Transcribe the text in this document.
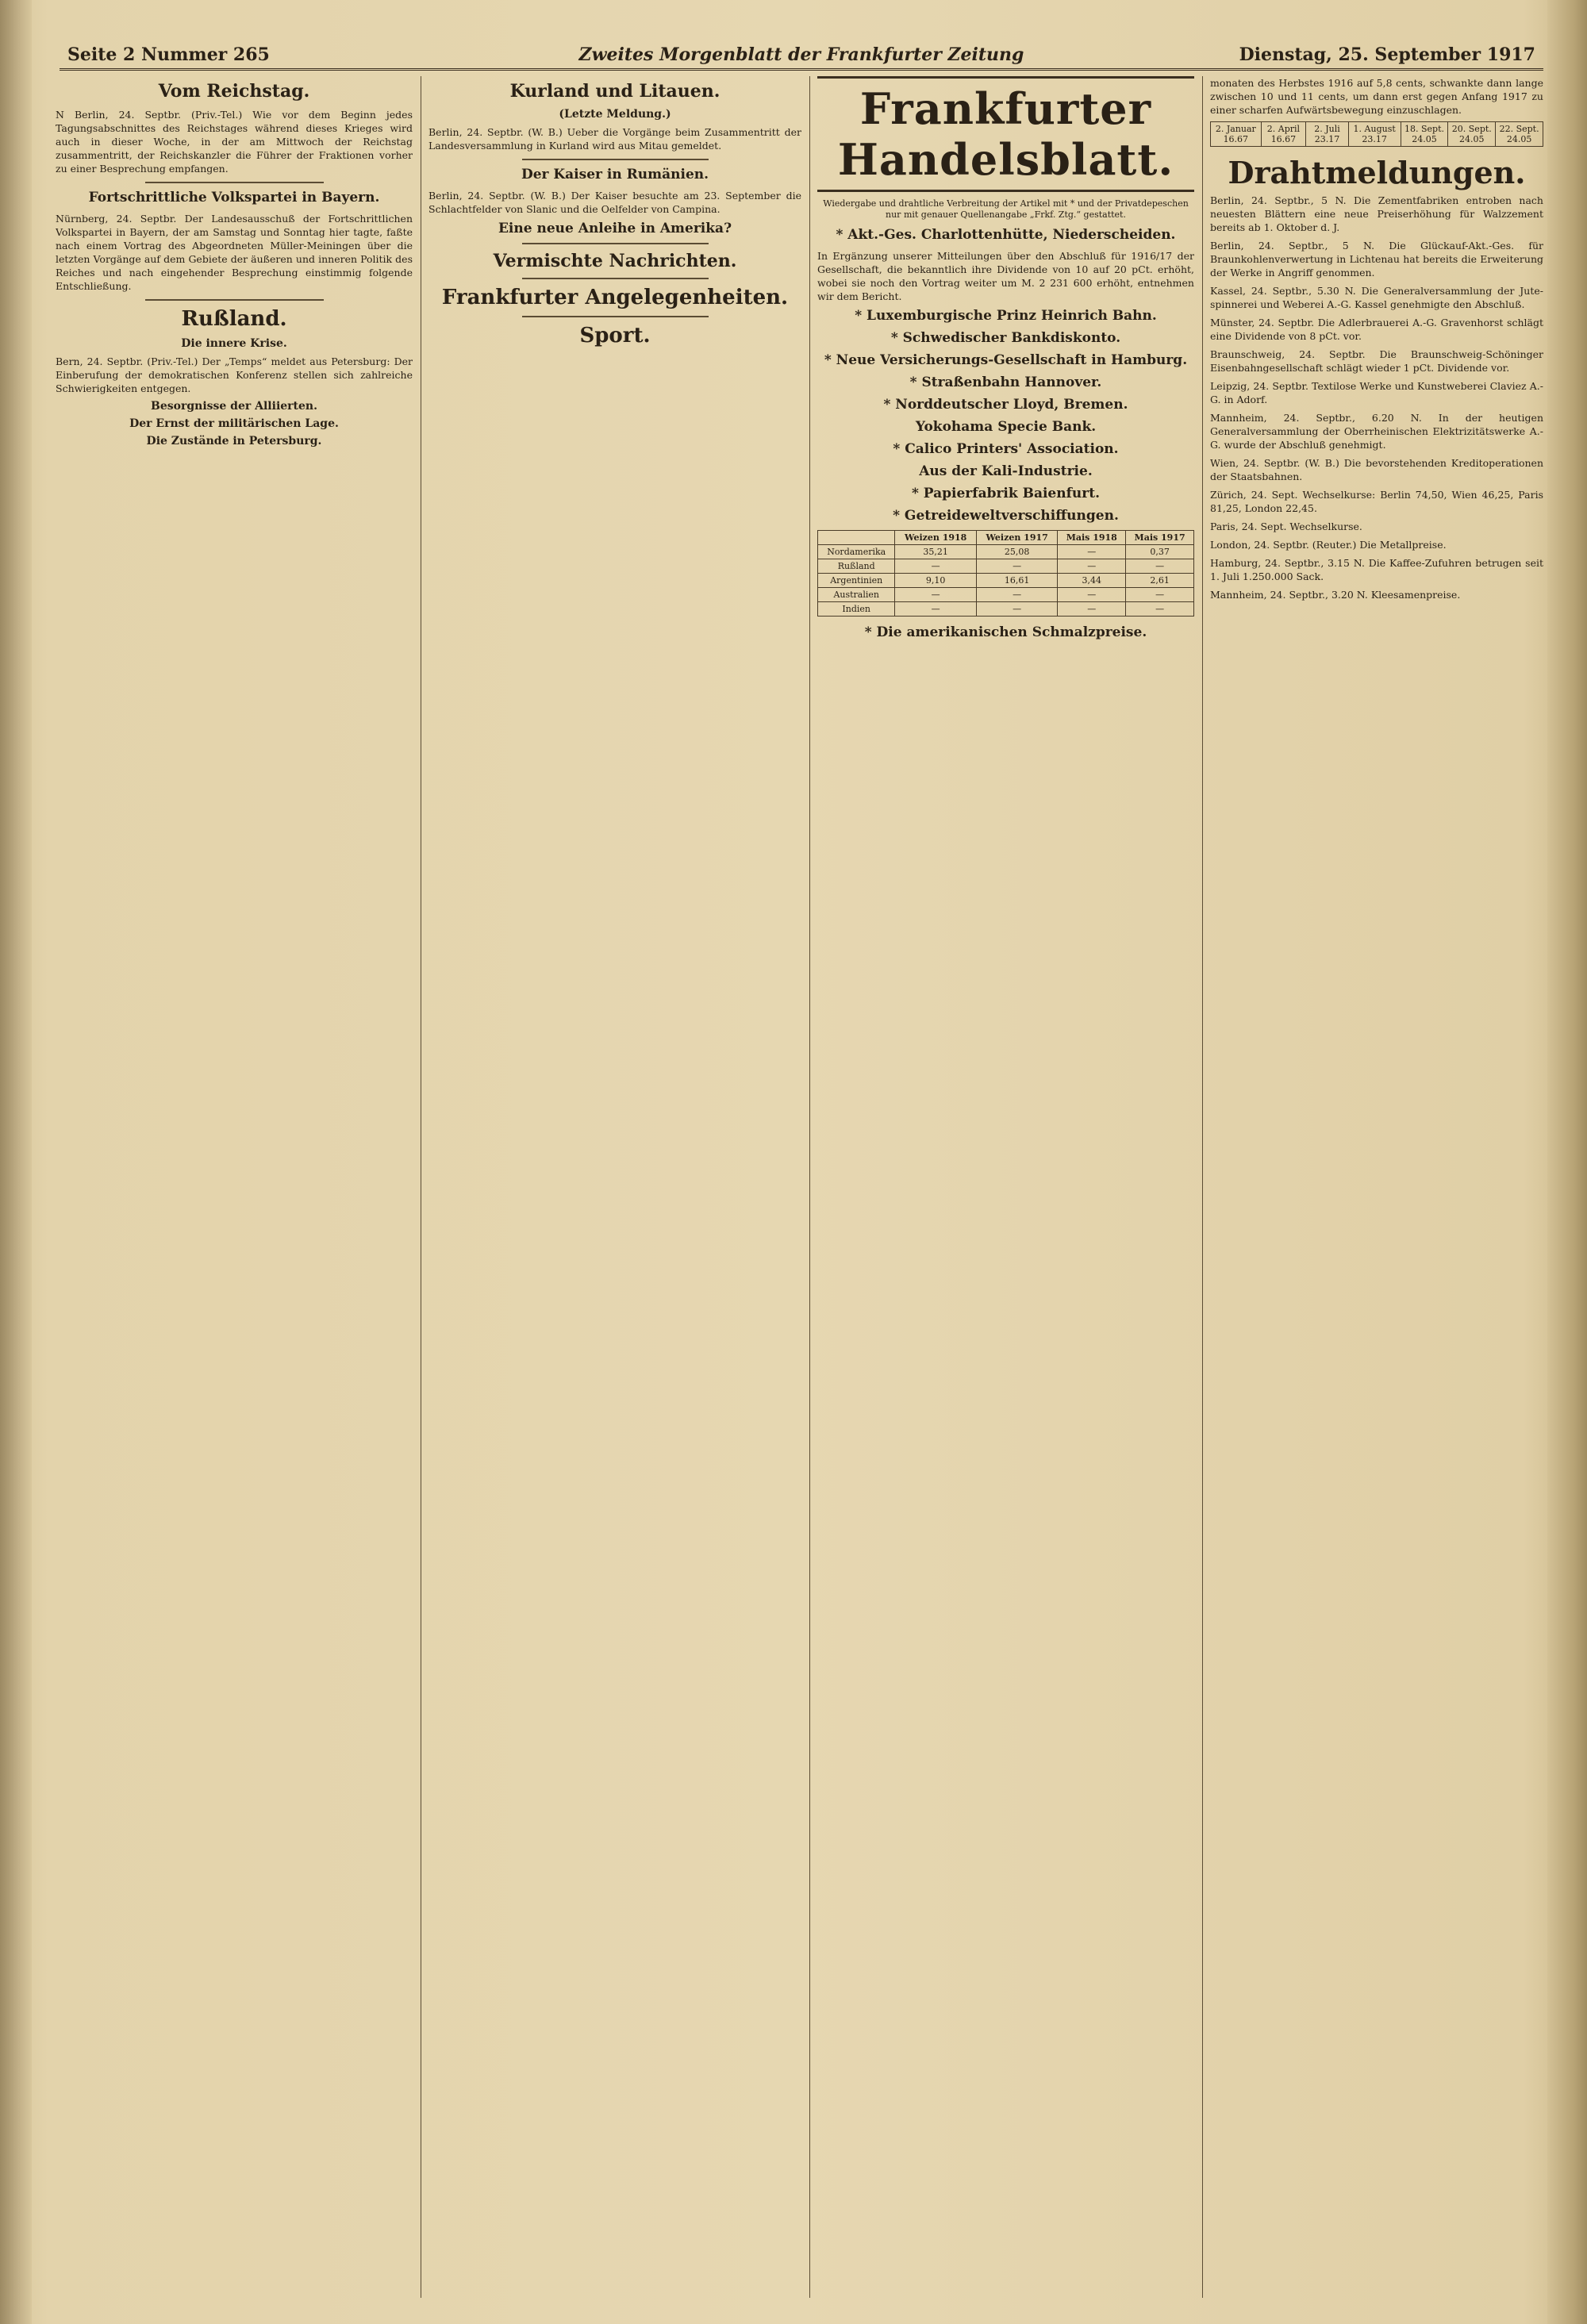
Seite 2 Nummer 265	Zweites Morgenblatt der Frankfurter Zeitung	Dienstag, 25. September 1917
Vom Reichstag.

N Berlin, 24. Septbr. (Priv.-Tel.) Wie vor dem Beginn jedes Tagungsabschnittes des Reichstages während dieses Krieges wird auch in dieser Woche, in der am Mittwoch der Reichstag zusammentritt, der Reichskanzler die Führer der Fraktionen vorher zu einer Besprechung empfangen.

Fortschrittliche Volkspartei in Bayern.

Nürnberg, 24. Septbr. Der Landesausschuß der Fortschrittlichen Volkspartei in Bayern, der am Samstag und Sonntag hier tagte, faßte nach einem Vortrag des Abgeordneten Müller-Meiningen über die letzten Vorgänge auf dem Gebiete der äußeren und inneren Politik des Reiches und nach eingehender Besprechung einstimmig folgende Entschließung.

Rußland.
Die innere Krise.

Bern, 24. Septbr. (Priv.-Tel.) Der „Temps“ meldet aus Petersburg: Der Einberufung der demokratischen Konferenz stellen sich zahlreiche Schwierigkeiten entgegen.

Besorgnisse der Alliierten.
Der Ernst der militärischen Lage.
Die Zustände in Petersburg.
Kurland und Litauen.
(Letzte Meldung.)

Berlin, 24. Septbr. (W. B.) Ueber die Vorgänge beim Zusammentritt der Landesversammlung in Kurland wird aus Mitau gemeldet.

Der Kaiser in Rumänien.

Berlin, 24. Septbr. (W. B.) Der Kaiser besuchte am 23. September die Schlachtfelder von Slanic und die Oelfelder von Campina.

Eine neue Anleihe in Amerika?
Vermischte Nachrichten.
Frankfurter Angelegenheiten.
Sport.
Frankfurter Handelsblatt.
Wiedergabe und drahtliche Verbreitung der Artikel mit * und der Privatdepeschen nur mit genauer Quellenangabe „Frkf. Ztg.“ gestattet.
* Akt.-Ges. Charlottenhütte, Niederscheiden.

In Ergänzung unserer Mitteilungen über den Abschluß für 1916/17 der Gesellschaft, die bekanntlich ihre Dividende von 10 auf 20 pCt. erhöht, wobei sie noch den Vortrag weiter um M. 2 231 600 erhöht, entnehmen wir dem Bericht.

* Luxemburgische Prinz Heinrich Bahn.
* Schwedischer Bankdiskonto.
* Neue Versicherungs-Gesellschaft in Hamburg.
* Straßenbahn Hannover.
* Norddeutscher Lloyd, Bremen.
Yokohama Specie Bank.
* Calico Printers' Association.
Aus der Kali-Industrie.
* Papierfabrik Baienfurt.
* Getreideweltverschiffungen.
	Weizen 1918	Weizen 1917	Mais 1918	Mais 1917
Nordamerika	35,21	25,08	—	0,37
Rußland	—	—	—	—
Argentinien	9,10	16,61	3,44	2,61
Australien	—	—	—	—
Indien	—	—	—	—
* Die amerikanischen Schmalzpreise.

monaten des Herbstes 1916 auf 5,8 cents, schwankte dann lange zwischen 10 und 11 cents, um dann erst gegen Anfang 1917 zu einer scharfen Aufwärtsbewegung einzuschlagen.

2. Januar 16.67	2. April 16.67	2. Juli 23.17	1. August 23.17	18. Sept. 24.05	20. Sept. 24.05	22. Sept. 24.05
Drahtmeldungen.

Berlin, 24. Septbr., 5 N. Die Zementfabriken entroben nach neuesten Blättern eine neue Preiserhöhung für Walzzement bereits ab 1. Oktober d. J.

Berlin, 24. Septbr., 5 N. Die Glückauf-Akt.-Ges. für Braunkohlenverwertung in Lichtenau hat bereits die Erweiterung der Werke in Angriff genommen.

Kassel, 24. Septbr., 5.30 N. Die Generalversammlung der Jute-spinnerei und Weberei A.-G. Kassel genehmigte den Abschluß.

Münster, 24. Septbr. Die Adlerbrauerei A.-G. Gravenhorst schlägt eine Dividende von 8 pCt. vor.

Braunschweig, 24. Septbr. Die Braunschweig-Schöninger Eisenbahngesellschaft schlägt wieder 1 pCt. Dividende vor.

Leipzig, 24. Septbr. Textilose Werke und Kunstweberei Claviez A.-G. in Adorf.

Mannheim, 24. Septbr., 6.20 N. In der heutigen Generalversammlung der Oberrheinischen Elektrizitätswerke A.-G. wurde der Abschluß genehmigt.

Wien, 24. Septbr. (W. B.) Die bevorstehenden Kreditoperationen der Staatsbahnen.

Zürich, 24. Sept. Wechselkurse: Berlin 74,50, Wien 46,25, Paris 81,25, London 22,45.

Paris, 24. Sept. Wechselkurse.

London, 24. Septbr. (Reuter.) Die Metallpreise.

Hamburg, 24. Septbr., 3.15 N. Die Kaffee-Zufuhren betrugen seit 1. Juli 1.250.000 Sack.

Mannheim, 24. Septbr., 3.20 N. Kleesamenpreise.
